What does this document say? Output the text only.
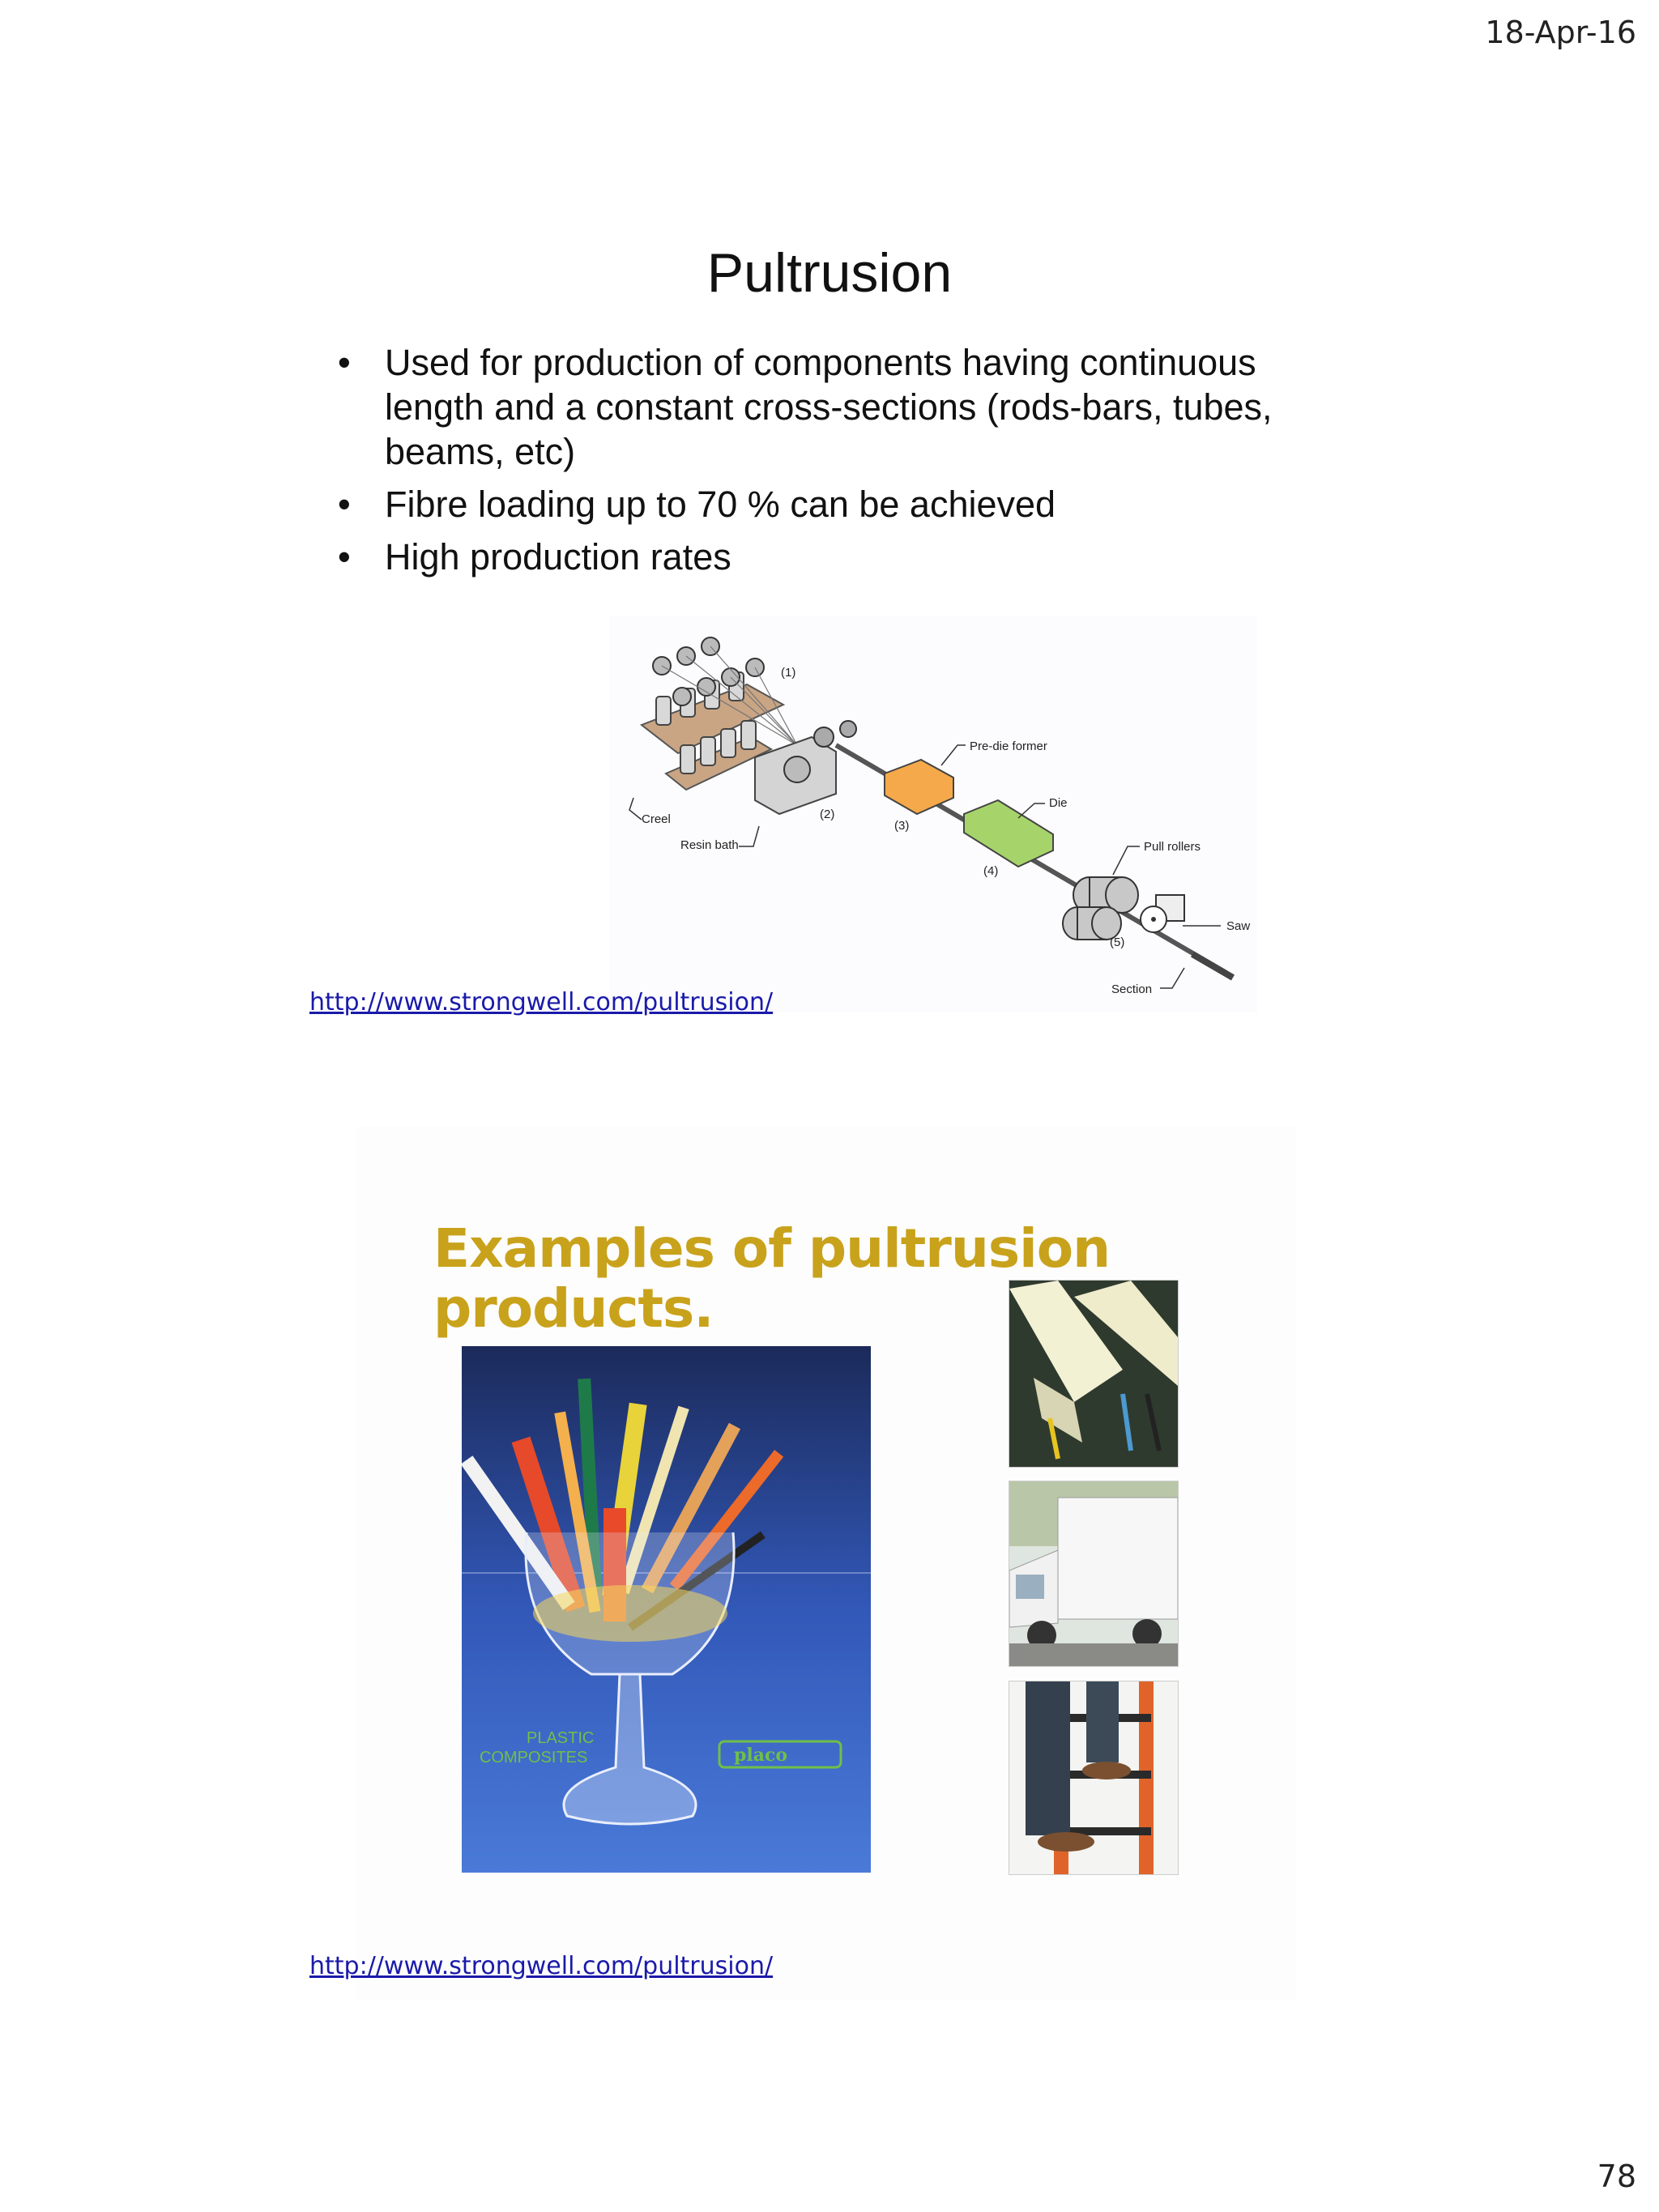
18-Apr-16
Pultrusion
• Used for production of components having continuous length and a constant cross-sections (rods-bars, tubes, beams, etc)
• Fibre loading up to 70 % can be achieved
• High production rates
(1)
(2)
(3)
(4)
(5)
Creel
Resin bath
Pre-die former
Die
Pull rollers
Saw
Section
http://www.strongwell.com/pultrusion/
Examples of pultrusion
products.
PLASTIC
COMPOSITES	placo
http://www.strongwell.com/pultrusion/
78
